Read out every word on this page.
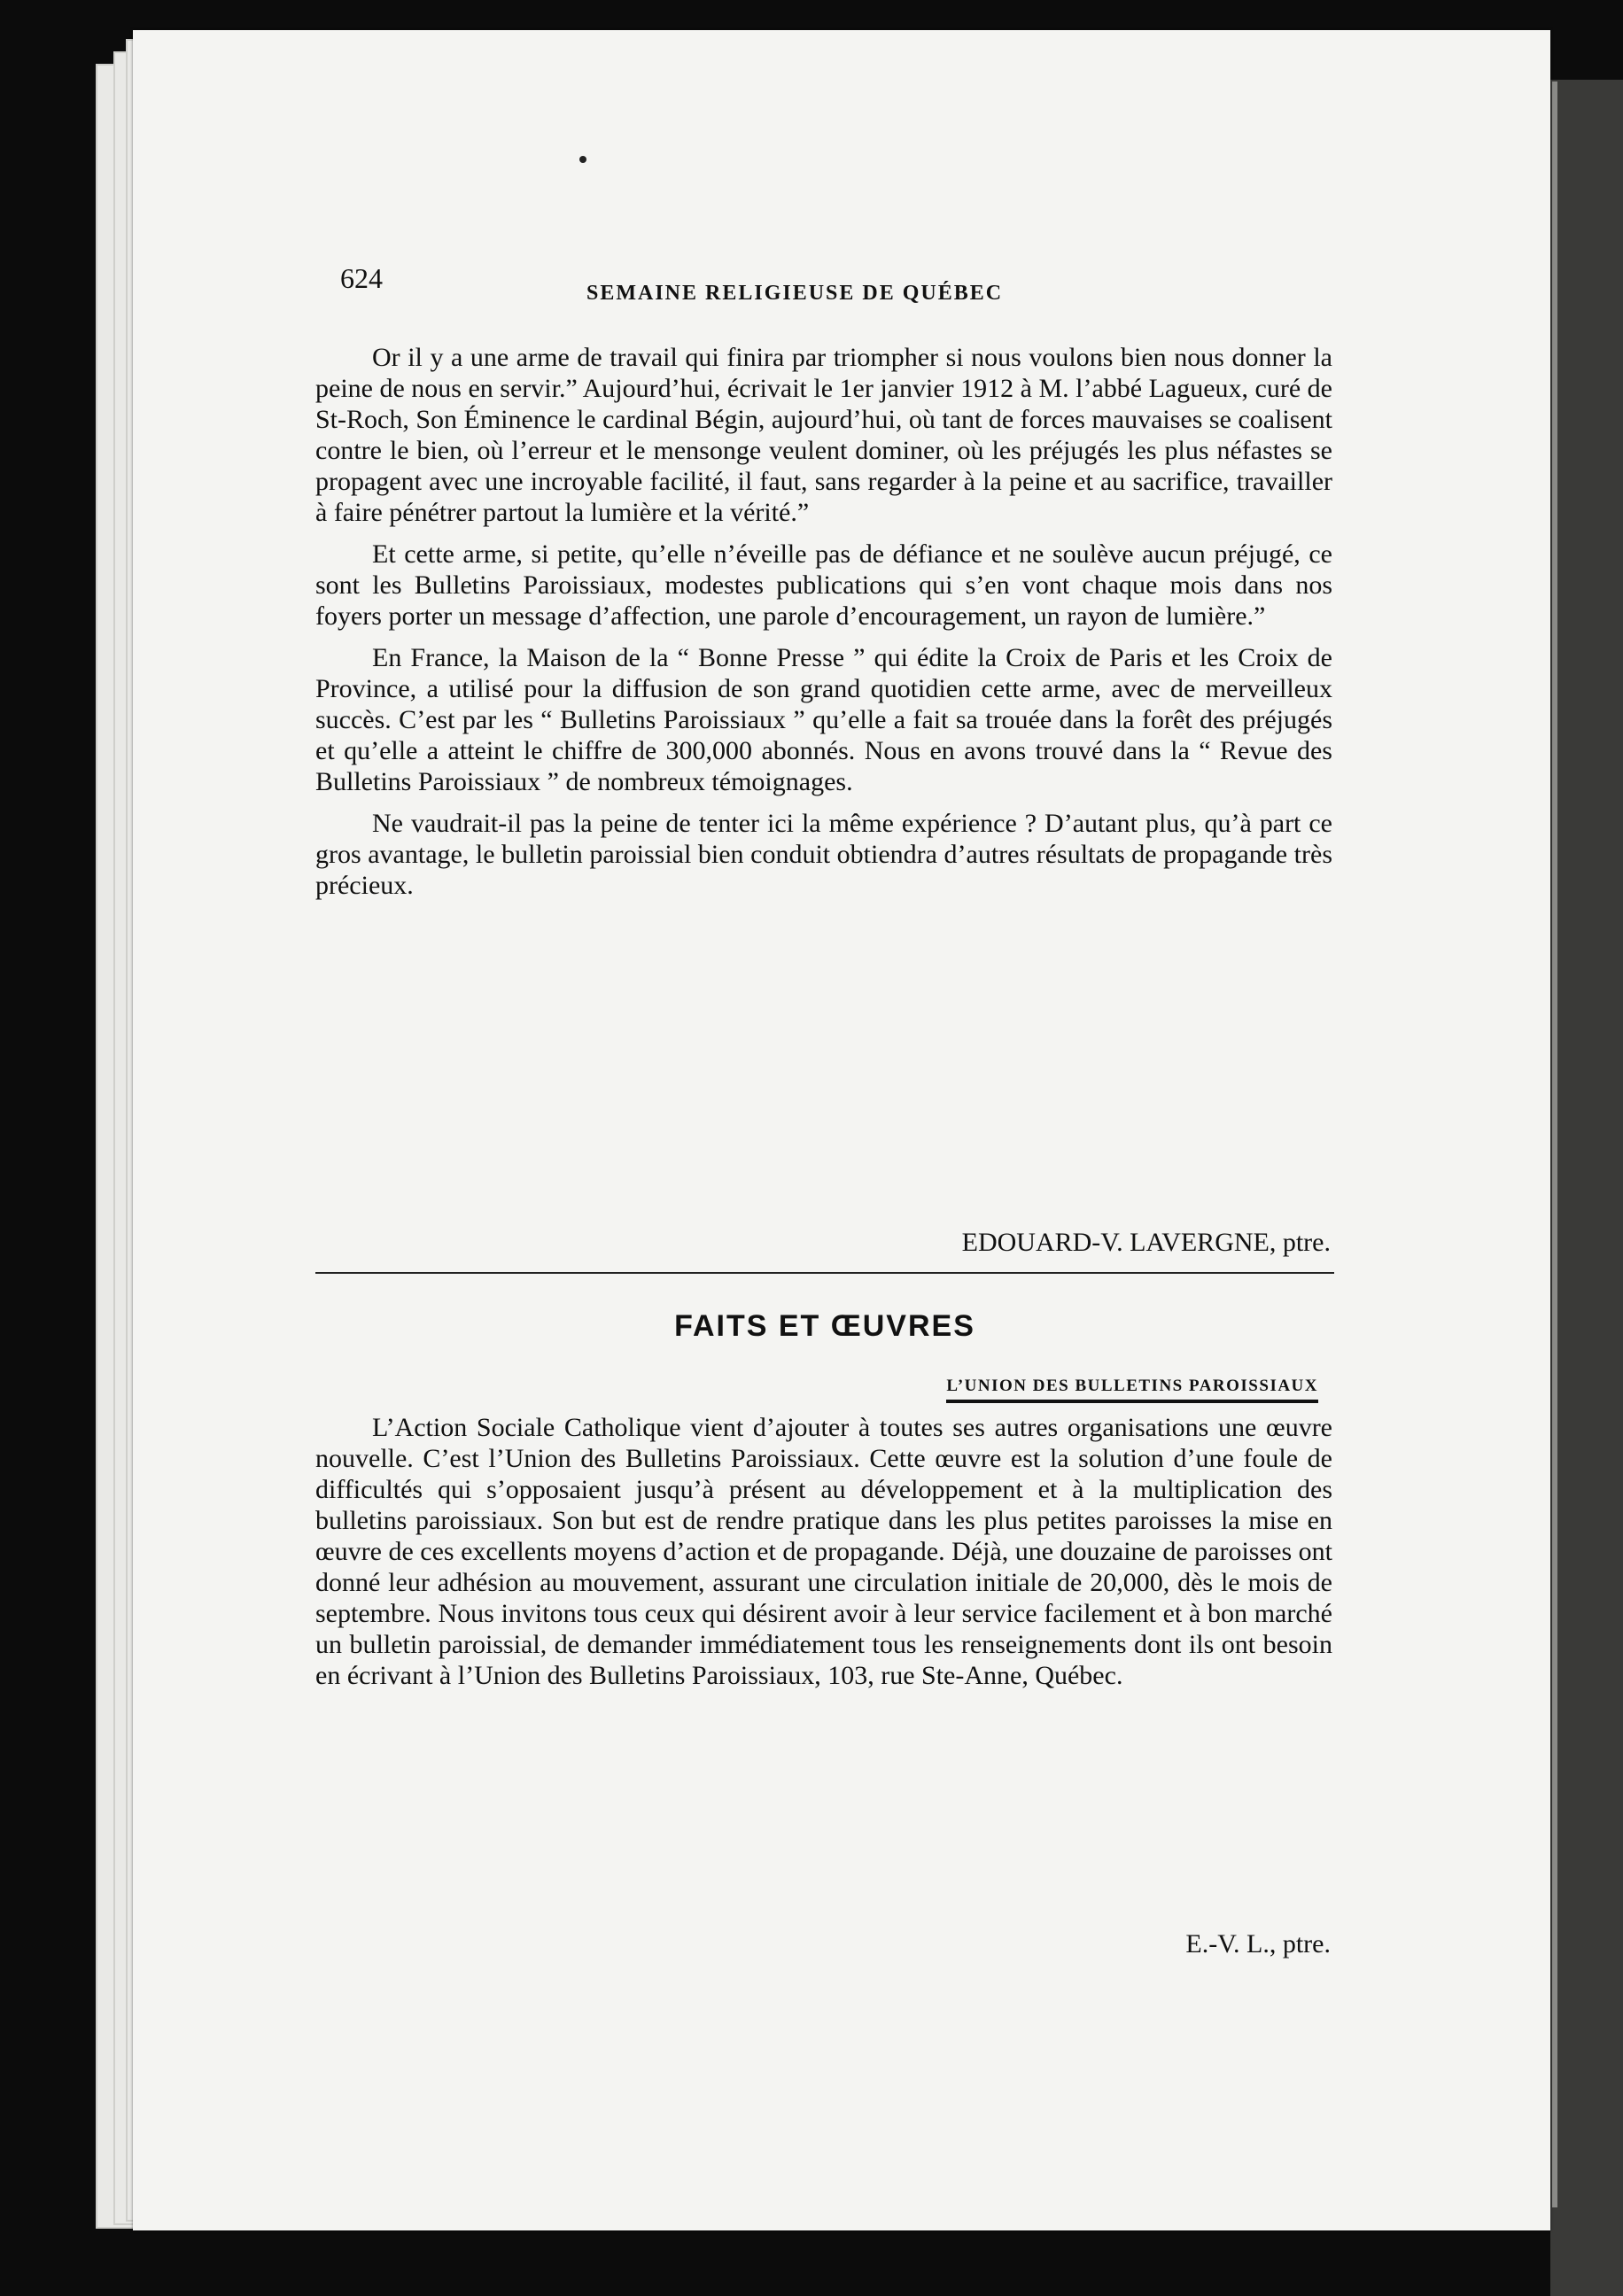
624	SEMAINE RELIGIEUSE DE QUÉBEC

Or il y a une arme de travail qui finira par triompher si nous voulons bien nous donner la peine de nous en servir.” Aujourd’hui, écrivait le 1er janvier 1912 à M. l’abbé Lagueux, curé de St-Roch, Son Éminence le cardinal Bégin, aujourd’hui, où tant de forces mauvaises se coalisent contre le bien, où l’erreur et le mensonge veulent dominer, où les préjugés les plus néfastes se propagent avec une incroyable facilité, il faut, sans regarder à la peine et au sacrifice, travailler à faire pénétrer partout la lumière et la vérité.”

Et cette arme, si petite, qu’elle n’éveille pas de défiance et ne soulève aucun préjugé, ce sont les Bulletins Paroissiaux, modestes publications qui s’en vont chaque mois dans nos foyers porter un message d’affection, une parole d’encouragement, un rayon de lumière.”

En France, la Maison de la “ Bonne Presse ” qui édite la Croix de Paris et les Croix de Province, a utilisé pour la diffusion de son grand quotidien cette arme, avec de merveilleux succès. C’est par les “ Bulletins Paroissiaux ” qu’elle a fait sa trouée dans la forêt des préjugés et qu’elle a atteint le chiffre de 300,000 abonnés. Nous en avons trouvé dans la “ Revue des Bulletins Paroissiaux ” de nombreux témoignages.

Ne vaudrait-il pas la peine de tenter ici la même expérience ? D’autant plus, qu’à part ce gros avantage, le bulletin paroissial bien conduit obtiendra d’autres résultats de propagande très précieux.

EDOUARD-V. LAVERGNE, ptre.
FAITS ET ŒUVRES
L’UNION DES BULLETINS PAROISSIAUX

L’Action Sociale Catholique vient d’ajouter à toutes ses autres organisations une œuvre nouvelle. C’est l’Union des Bulletins Paroissiaux. Cette œuvre est la solution d’une foule de difficultés qui s’opposaient jusqu’à présent au développement et à la multiplication des bulletins paroissiaux. Son but est de rendre pratique dans les plus petites paroisses la mise en œuvre de ces excellents moyens d’action et de propagande. Déjà, une douzaine de paroisses ont donné leur adhésion au mouvement, assurant une circulation initiale de 20,000, dès le mois de septembre. Nous invitons tous ceux qui désirent avoir à leur service facilement et à bon marché un bulletin paroissial, de demander immédiatement tous les renseignements dont ils ont besoin en écrivant à l’Union des Bulletins Paroissiaux, 103, rue Ste-Anne, Québec.

E.-V. L., ptre.
